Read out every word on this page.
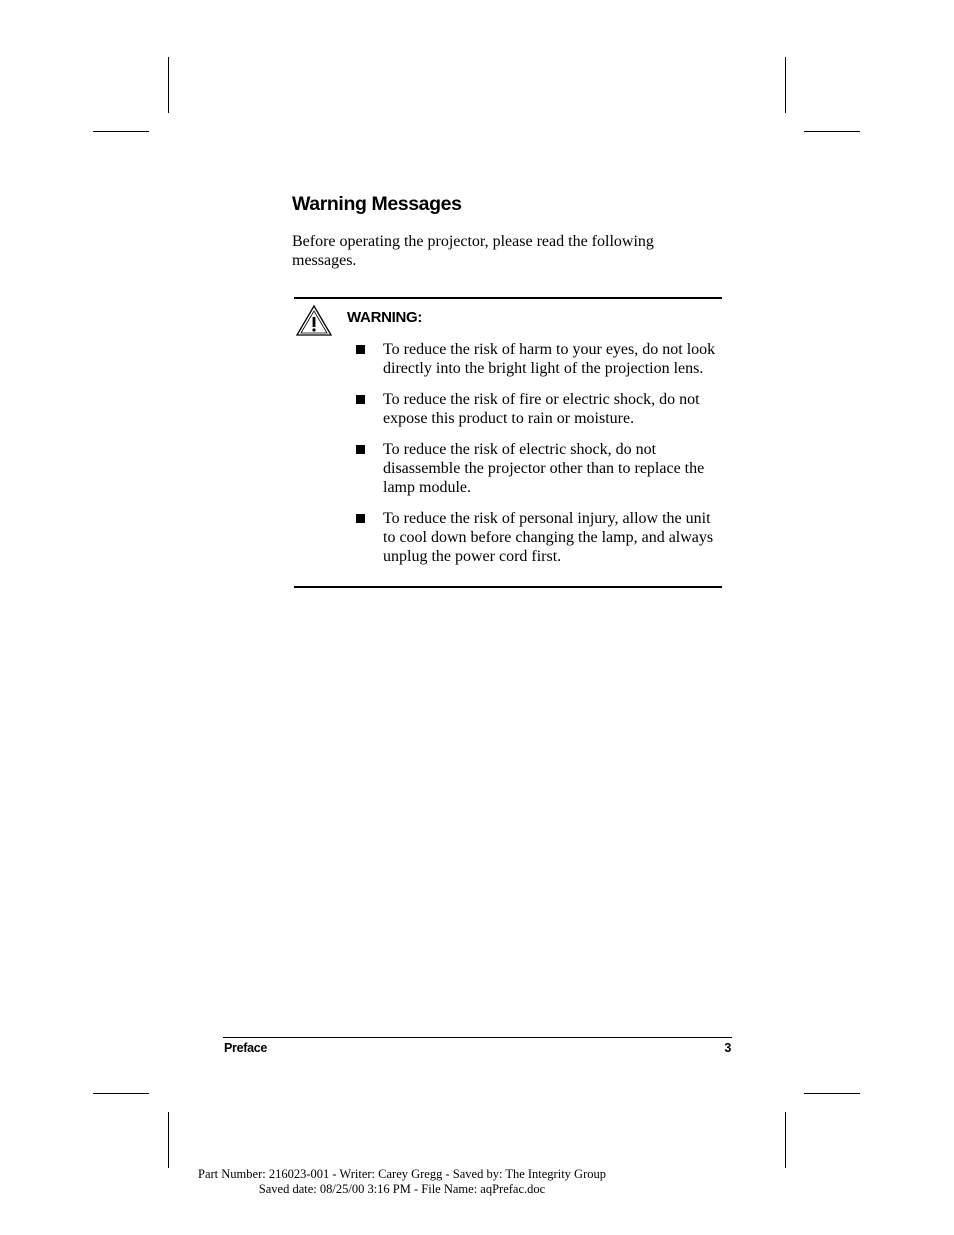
Warning Messages

Before operating the projector, please read the following messages.

WARNING:
To reduce the risk of harm to your eyes, do not look directly into the bright light of the projection lens.
To reduce the risk of fire or electric shock, do not expose this product to rain or moisture.
To reduce the risk of electric shock, do not disassemble the projector other than to replace the lamp module.
To reduce the risk of personal injury, allow the unit to cool down before changing the lamp, and always unplug the power cord first.
Preface	3
Part Number: 216023-001 - Writer: Carey Gregg - Saved by: The Integrity Group
Saved date: 08/25/00 3:16 PM - File Name: aqPrefac.doc
